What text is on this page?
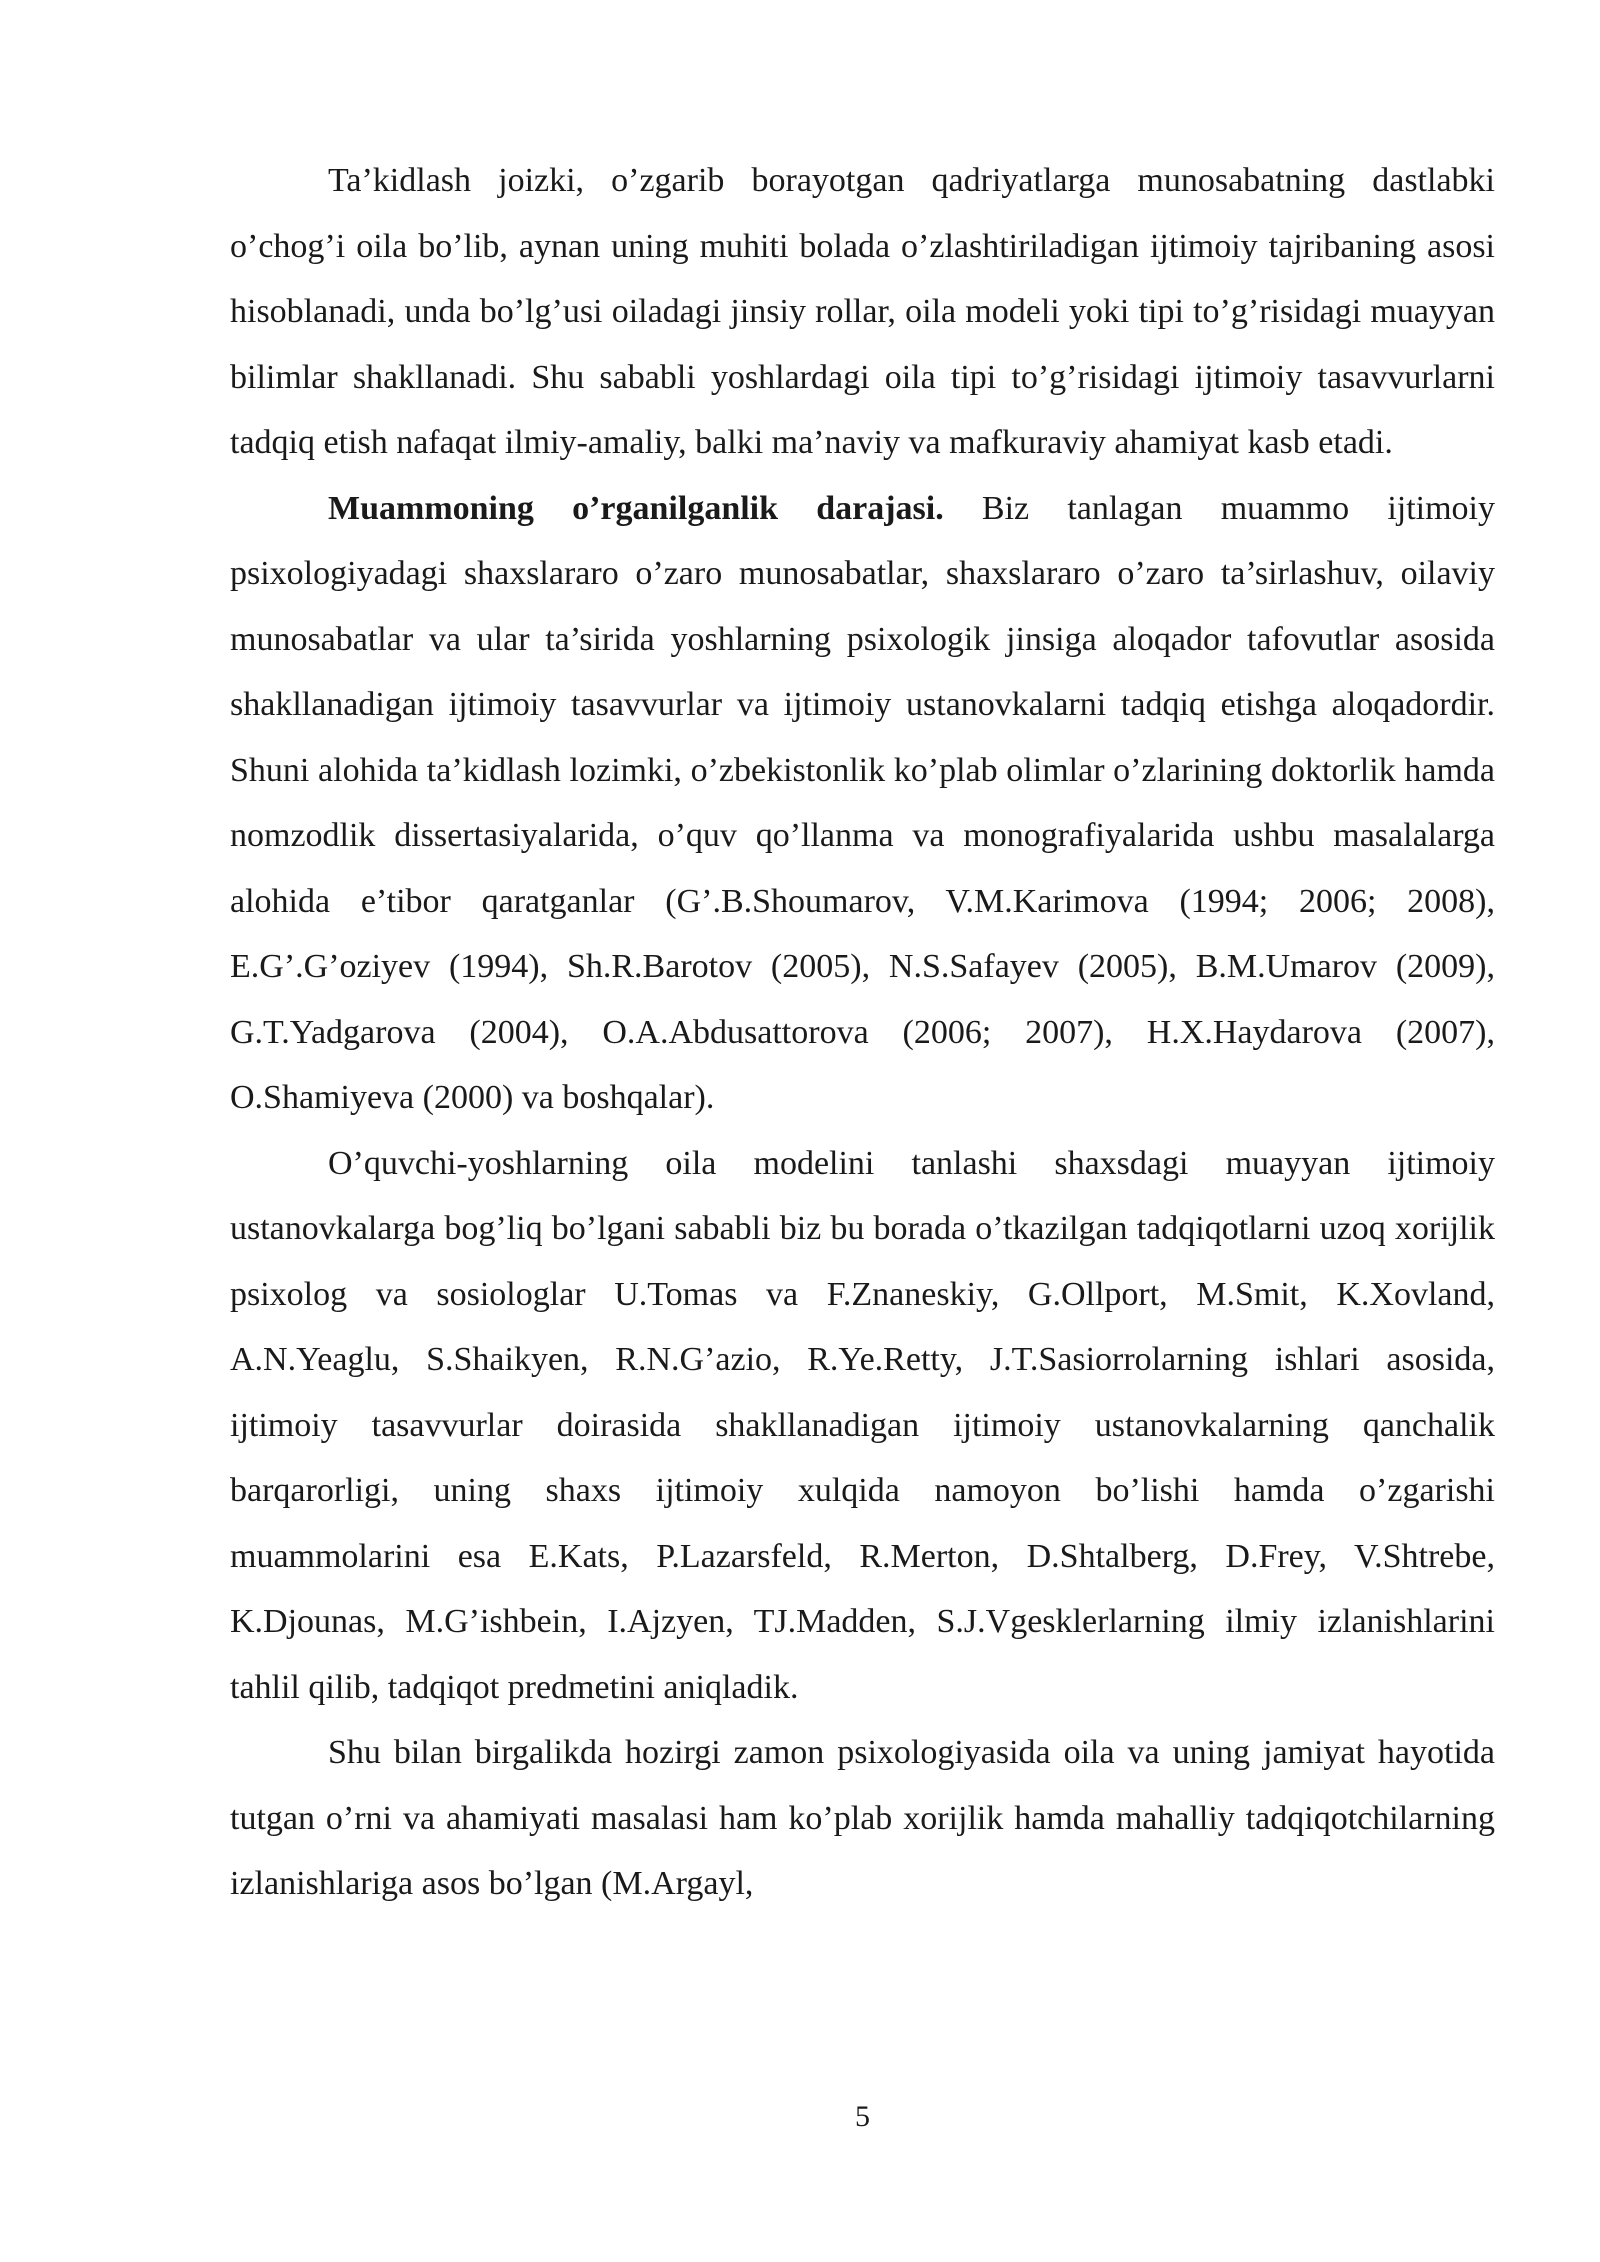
Ta’kidlash joizki, o’zgarib borayotgan qadriyatlarga munosabatning dastlabki o’chog’i oila bo’lib, aynan uning muhiti bolada o’zlashtiriladigan ijtimoiy tajribaning asosi hisoblanadi, unda bo’lg’usi oiladagi jinsiy rollar, oila modeli yoki tipi to’g’risidagi muayyan bilimlar shakllanadi. Shu sababli yoshlardagi oila tipi to’g’risidagi ijtimoiy tasavvurlarni tadqiq etish nafaqat ilmiy-amaliy, balki ma’naviy va mafkuraviy ahamiyat kasb etadi.

Muammoning o’rganilganlik darajasi. Biz tanlagan muammo ijtimoiy psixologiyadagi shaxslararo o’zaro munosabatlar, shaxslararo o’zaro ta’sirlashuv, oilaviy munosabatlar va ular ta’sirida yoshlarning psixologik jinsiga aloqador tafovutlar asosida shakllanadigan ijtimoiy tasavvurlar va ijtimoiy ustanovkalarni tadqiq etishga aloqadordir. Shuni alohida ta’kidlash lozimki, o’zbekistonlik ko’plab olimlar o’zlarining doktorlik hamda nomzodlik dissertasiyalarida, o’quv qo’llanma va monografiyalarida ushbu masalalarga alohida e’tibor qaratganlar (G’.B.Shoumarov, V.M.Karimova (1994; 2006; 2008), E.G’.G’oziyev (1994), Sh.R.Barotov (2005), N.S.Safayev (2005), B.M.Umarov (2009), G.T.Yadgarova (2004), O.A.Abdusattorova (2006; 2007), H.X.Haydarova (2007), O.Shamiyeva (2000) va boshqalar).

O’quvchi-yoshlarning oila modelini tanlashi shaxsdagi muayyan ijtimoiy ustanovkalarga bog’liq bo’lgani sababli biz bu borada o’tkazilgan tadqiqotlarni uzoq xorijlik psixolog va sosiologlar U.Tomas va F.Znaneskiy, G.Ollport, M.Smit, K.Xovland, A.N.Yeaglu, S.Shaikyen, R.N.G’azio, R.Ye.Retty, J.T.Sasiorrolarning ishlari asosida, ijtimoiy tasavvurlar doirasida shakllanadigan ijtimoiy ustanovkalarning qanchalik barqarorligi, uning shaxs ijtimoiy xulqida namoyon bo’lishi hamda o’zgarishi muammolarini esa E.Kats, P.Lazarsfeld, R.Merton, D.Shtalberg, D.Frey, V.Shtrebe, K.Djounas, M.G’ishbein, I.Ajzyen, TJ.Madden, S.J.Vgesklerlarning ilmiy izlanishlarini tahlil qilib, tadqiqot predmetini aniqladik.

Shu bilan birgalikda hozirgi zamon psixologiyasida oila va uning jamiyat hayotida tutgan o’rni va ahamiyati masalasi ham ko’plab xorijlik hamda mahalliy tadqiqotchilarning izlanishlariga asos bo’lgan (M.Argayl,

5
